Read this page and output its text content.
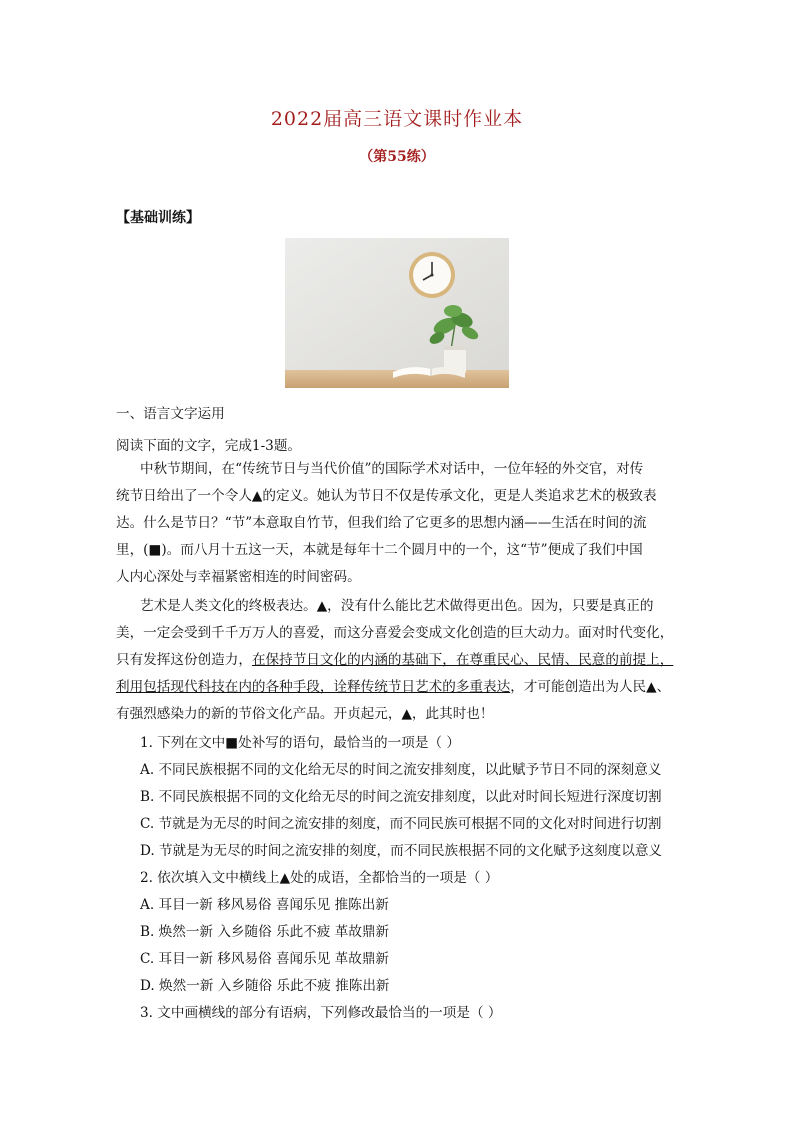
2022届高三语文课时作业本
（第55练）
【基础训练】
一、语言文字运用
阅读下面的文字，完成1-3题。
中秋节期间，在“传统节日与当代价值”的国际学术对话中，一位年轻的外交官，对传
统节日给出了一个令人▲的定义。她认为节日不仅是传承文化，更是人类追求艺术的极致表
达。什么是节日？“节”本意取自竹节，但我们给了它更多的思想内涵——生活在时间的流
里，(■)。而八月十五这一天，本就是每年十二个圆月中的一个，这“节”便成了我们中国
人内心深处与幸福紧密相连的时间密码。
艺术是人类文化的终极表达。▲，没有什么能比艺术做得更出色。因为，只要是真正的
美，一定会受到千千万万人的喜爱，而这分喜爱会变成文化创造的巨大动力。面对时代变化，
只有发挥这份创造力，在保持节日文化的内涵的基础下，在尊重民心、民情、民意的前提上，
利用包括现代科技在内的各种手段，诠释传统节日艺术的多重表达，才可能创造出为人民▲、
有强烈感染力的新的节俗文化产品。开贞起元，▲，此其时也！
1. 下列在文中■处补写的语句，最恰当的一项是（ ）
A. 不同民族根据不同的文化给无尽的时间之流安排刻度，以此赋予节日不同的深刻意义
B. 不同民族根据不同的文化给无尽的时间之流安排刻度，以此对时间长短进行深度切割
C. 节就是为无尽的时间之流安排的刻度，而不同民族可根据不同的文化对时间进行切割
D. 节就是为无尽的时间之流安排的刻度，而不同民族根据不同的文化赋予这刻度以意义
2. 依次填入文中横线上▲处的成语，全都恰当的一项是（ ）
A. 耳目一新 移风易俗 喜闻乐见 推陈出新
B. 焕然一新 入乡随俗 乐此不疲 革故鼎新
C. 耳目一新 移风易俗 喜闻乐见 革故鼎新
D. 焕然一新 入乡随俗 乐此不疲 推陈出新
3. 文中画横线的部分有语病，下列修改最恰当的一项是（ ）
